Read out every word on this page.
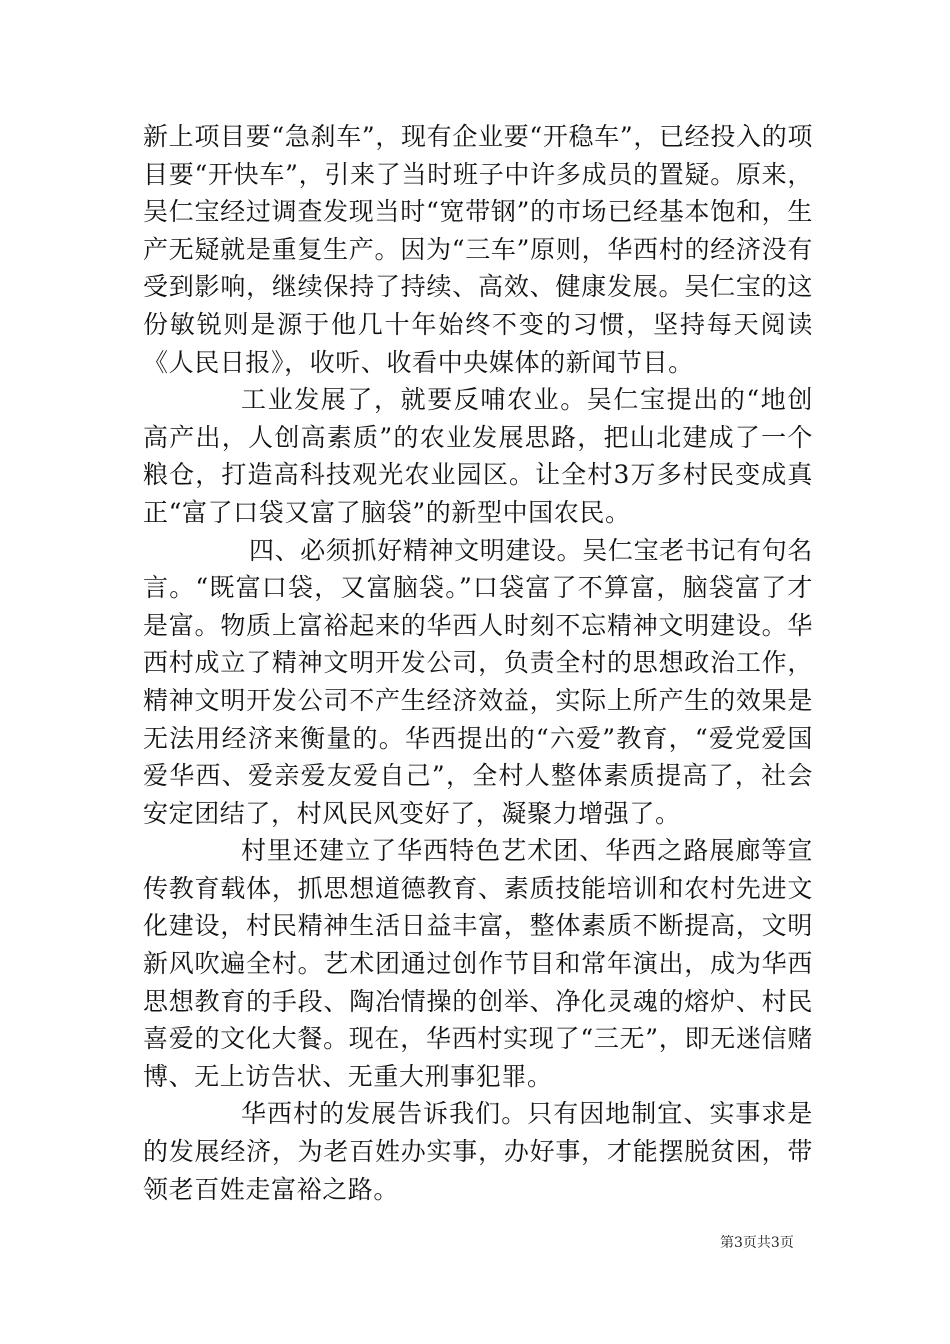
新上项目要“急刹车”，现有企业要“开稳车”，已经投入的项目要“开快车”，引来了当时班子中许多成员的置疑。原来，吴仁宝经过调查发现当时“宽带钢”的市场已经基本饱和，生产无疑就是重复生产。因为“三车”原则，华西村的经济没有受到影响，继续保持了持续、高效、健康发展。吴仁宝的这份敏锐则是源于他几十年始终不变的习惯，坚持每天阅读《人民日报》，收听、收看中央媒体的新闻节目。

工业发展了，就要反哺农业。吴仁宝提出的“地创高产出，人创高素质”的农业发展思路，把山北建成了一个粮仓，打造高科技观光农业园区。让全村3万多村民变成真正“富了口袋又富了脑袋”的新型中国农民。

四、必须抓好精神文明建设。吴仁宝老书记有句名言。“既富口袋，又富脑袋。”口袋富了不算富，脑袋富了才是富。物质上富裕起来的华西人时刻不忘精神文明建设。华西村成立了精神文明开发公司，负责全村的思想政治工作，精神文明开发公司不产生经济效益，实际上所产生的效果是无法用经济来衡量的。华西提出的“六爱”教育，“爱党爱国爱华西、爱亲爱友爱自己”，全村人整体素质提高了，社会安定团结了，村风民风变好了，凝聚力增强了。

村里还建立了华西特色艺术团、华西之路展廊等宣传教育载体，抓思想道德教育、素质技能培训和农村先进文化建设，村民精神生活日益丰富，整体素质不断提高，文明新风吹遍全村。艺术团通过创作节目和常年演出，成为华西思想教育的手段、陶冶情操的创举、净化灵魂的熔炉、村民喜爱的文化大餐。现在，华西村实现了“三无”，即无迷信赌博、无上访告状、无重大刑事犯罪。

华西村的发展告诉我们。只有因地制宜、实事求是的发展经济，为老百姓办实事，办好事，才能摆脱贫困，带领老百姓走富裕之路。

第3页共3页
